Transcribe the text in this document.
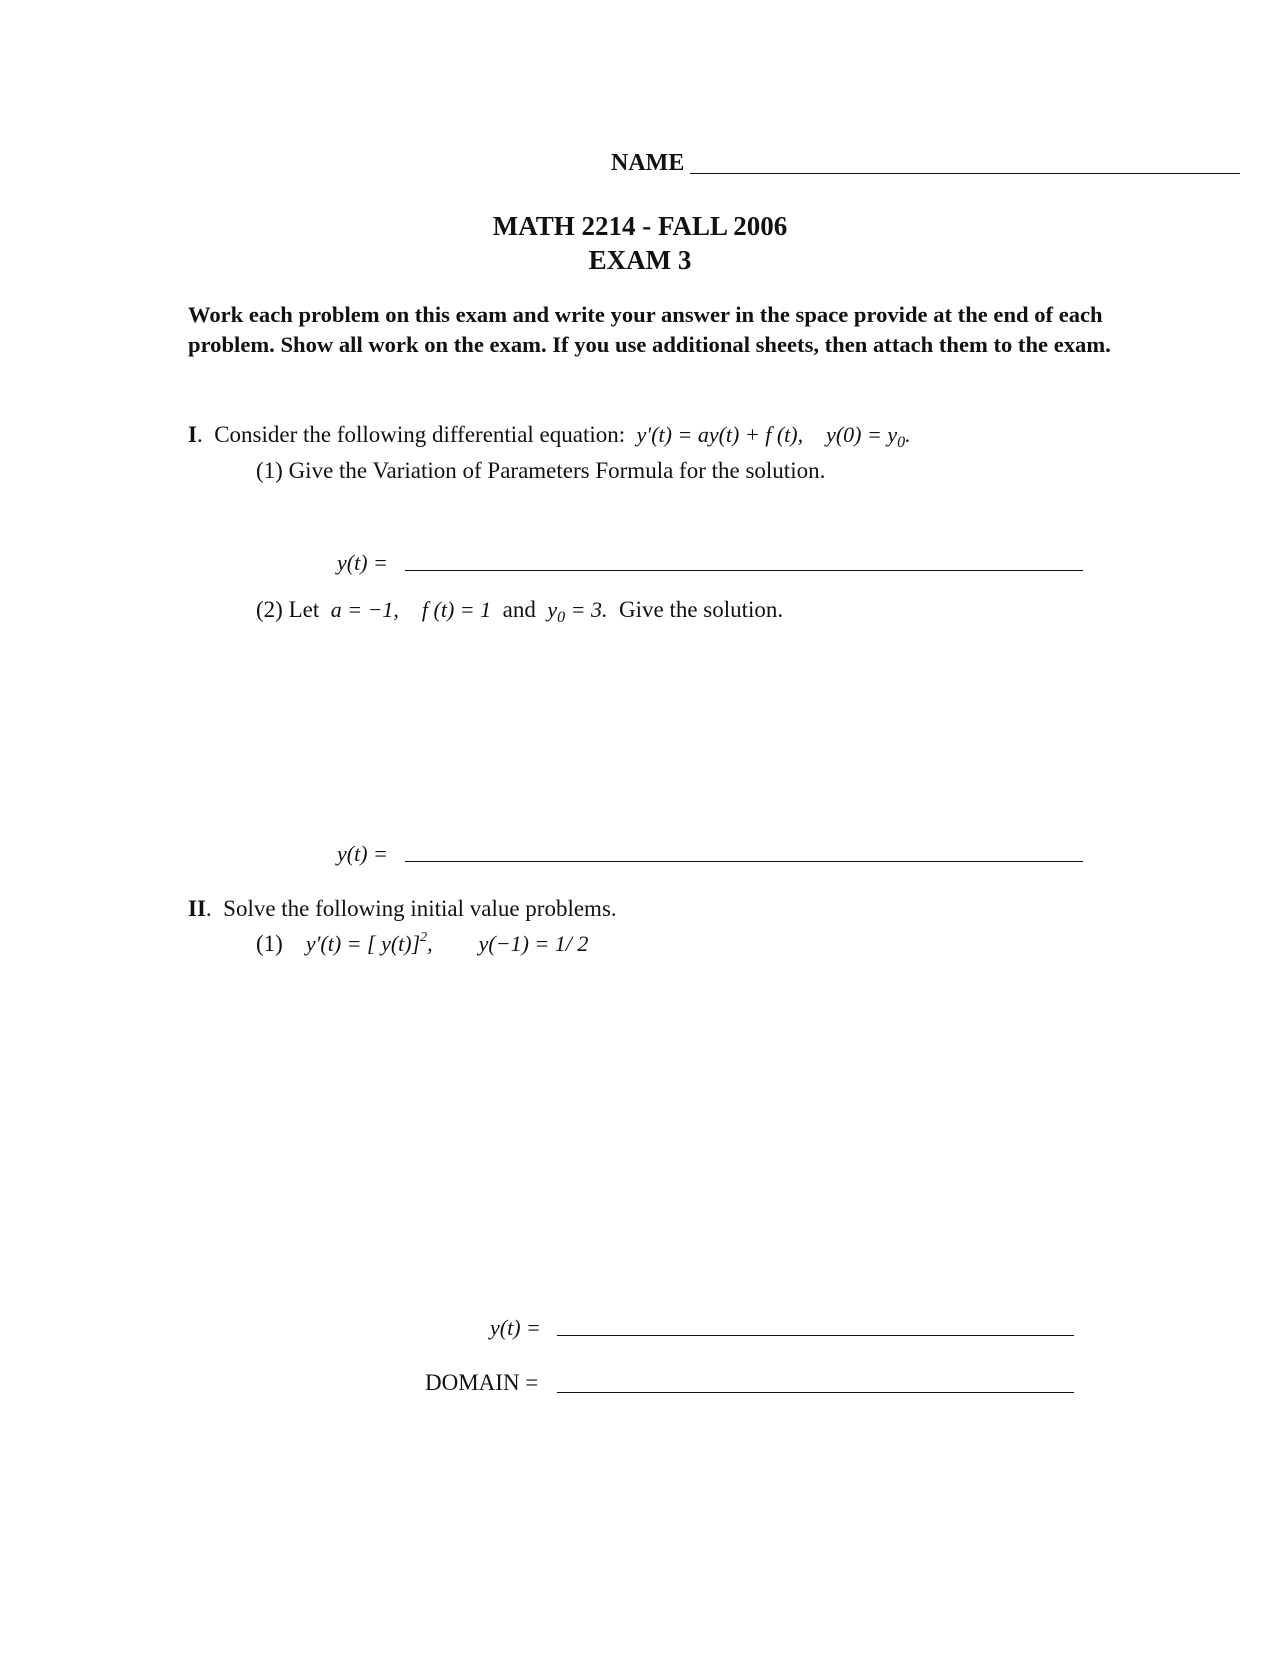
NAME
MATH 2214 - FALL 2006
EXAM 3
Work each problem on this exam and write your answer in the space provide at the end of each problem. Show all work on the exam. If you use additional sheets, then attach them to the exam.
I. Consider the following differential equation: y′(t) = ay(t) + f (t), $y(0) = y_0$.
(1) Give the Variation of Parameters Formula for the solution.
y(t) =
(2) Let a = −1, f (t) = 1 and $y_0 = 3$. Give the solution.
y(t) =
II. Solve the following initial value problems.
(1) y′(t) = [ y(t)]$^2$, y(−1) = 1/ 2
y(t) =
DOMAIN =
